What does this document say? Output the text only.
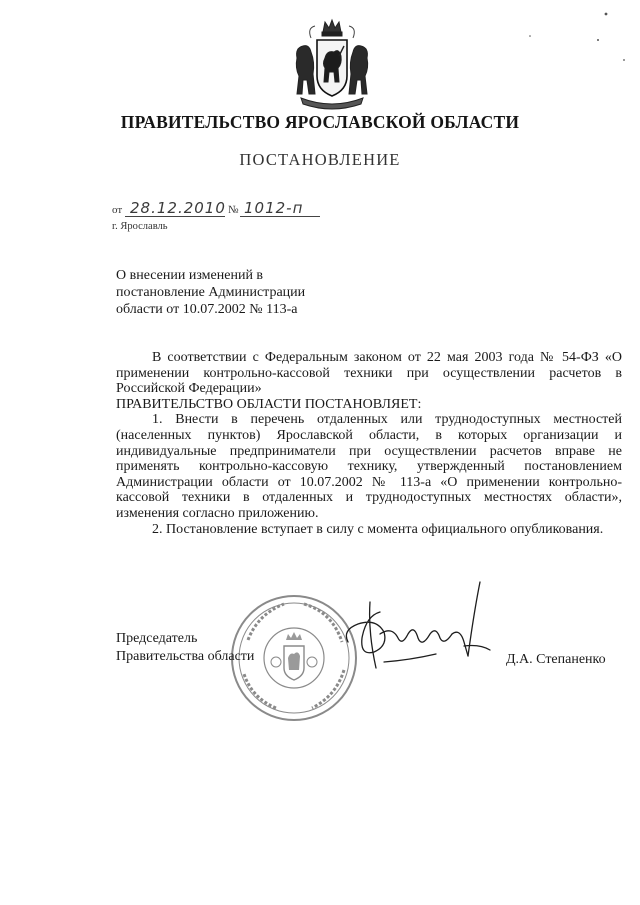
ПРАВИТЕЛЬСТВО ЯРОСЛАВСКОЙ ОБЛАСТИ
ПОСТАНОВЛЕНИЕ
от 28.12.2010 № 1012-п
г. Ярославль
О внесении изменений в
постановление Администрации
области от 10.07.2002 № 113-а

В соответствии с Федеральным законом от 22 мая 2003 года № 54-ФЗ «О применении контрольно-кассовой техники при осуществлении расчетов в Российской Федерации»

ПРАВИТЕЛЬСТВО ОБЛАСТИ ПОСТАНОВЛЯЕТ:

1. Внести в перечень отдаленных или труднодоступных местностей (населенных пунктов) Ярославской области, в которых организации и индивидуальные предприниматели при осуществлении расчетов вправе не применять контрольно-кассовую технику, утвержденный постановлением Администрации области от 10.07.2002 № 113-а «О применении контрольно-кассовой техники в отдаленных и труднодоступных местностях области», изменения согласно приложению.

2. Постановление вступает в силу с момента официального опубликования.

Председатель
Правительства области	Д.А. Степаненко
